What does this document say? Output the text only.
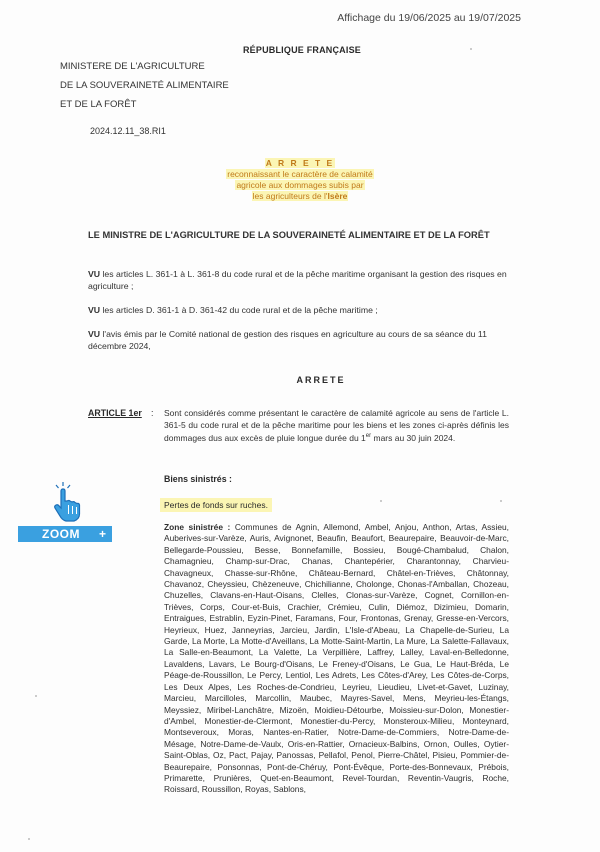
Affichage du 19/06/2025 au 19/07/2025
RÉPUBLIQUE FRANÇAISE
MINISTERE DE L'AGRICULTURE
DE LA SOUVERAINETÉ ALIMENTAIRE
ET DE LA FORÊT
2024.12.11_38.RI1
A R R E T E
reconnaissant le caractère de calamité
agricole aux dommages subis par
les agriculteurs de l'Isère
LE MINISTRE DE L'AGRICULTURE DE LA SOUVERAINETÉ ALIMENTAIRE ET DE LA FORÊT
VU les articles L. 361-1 à L. 361-8 du code rural et de la pêche maritime organisant la gestion des risques en agriculture ;
VU les articles D. 361-1 à D. 361-42 du code rural et de la pêche maritime ;
VU l'avis émis par le Comité national de gestion des risques en agriculture au cours de sa séance du 11 décembre 2024,
ARRETE
ARTICLE 1er : Sont considérés comme présentant le caractère de calamité agricole au sens de l'article L. 361-5 du code rural et de la pêche maritime pour les biens et les zones ci-après définis les dommages dus aux excès de pluie longue durée du 1er mars au 30 juin 2024.
Biens sinistrés :
Pertes de fonds sur ruches.
Zone sinistrée : Communes de Agnin, Allemond, Ambel, Anjou, Anthon, Artas, Assieu, Auberives-sur-Varèze, Auris, Avignonet, Beaufin, Beaufort, Beaurepaire, Beauvoir-de-Marc, Bellegarde-Poussieu, Besse, Bonnefamille, Bossieu, Bougé-Chambalud, Chalon, Chamagnieu, Champ-sur-Drac, Chanas, Chantepérier, Charantonnay, Charvieu-Chavagneux, Chasse-sur-Rhône, Château-Bernard, Châtel-en-Trièves, Châtonnay, Chavanoz, Cheyssieu, Chèzeneuve, Chichilianne, Cholonge, Chonas-l'Amballan, Chozeau, Chuzelles, Clavans-en-Haut-Oisans, Clelles, Clonas-sur-Varèze, Cognet, Cornillon-en-Trièves, Corps, Cour-et-Buis, Crachier, Crémieu, Culin, Diémoz, Dizimieu, Domarin, Entraigues, Estrablin, Eyzin-Pinet, Faramans, Four, Frontonas, Grenay, Gresse-en-Vercors, Heyrieux, Huez, Janneyrias, Jarcieu, Jardin, L'Isle-d'Abeau, La Chapelle-de-Surieu, La Garde, La Morte, La Motte-d'Aveillans, La Motte-Saint-Martin, La Mure, La Salette-Fallavaux, La Salle-en-Beaumont, La Valette, La Verpillière, Laffrey, Lalley, Laval-en-Belledonne, Lavaldens, Lavars, Le Bourg-d'Oisans, Le Freney-d'Oisans, Le Gua, Le Haut-Bréda, Le Péage-de-Roussillon, Le Percy, Lentiol, Les Adrets, Les Côtes-d'Arey, Les Côtes-de-Corps, Les Deux Alpes, Les Roches-de-Condrieu, Leyrieu, Lieudieu, Livet-et-Gavet, Luzinay, Marcieu, Marcilloles, Marcollin, Maubec, Mayres-Savel, Mens, Meyrieu-les-Étangs, Meyssiez, Miribel-Lanchâtre, Mizoën, Moidieu-Détourbe, Moissieu-sur-Dolon, Monestier-d'Ambel, Monestier-de-Clermont, Monestier-du-Percy, Monsteroux-Milieu, Monteynard, Montseveroux, Moras, Nantes-en-Ratier, Notre-Dame-de-Commiers, Notre-Dame-de-Mésage, Notre-Dame-de-Vaulx, Oris-en-Rattier, Ornacieux-Balbins, Ornon, Oulles, Oytier-Saint-Oblas, Oz, Pact, Pajay, Panossas, Pellafol, Penol, Pierre-Châtel, Pisieu, Pommier-de-Beaurepaire, Ponsonnas, Pont-de-Chéruy, Pont-Évêque, Porte-des-Bonnevaux, Prébois, Primarette, Prunières, Quet-en-Beaumont, Revel-Tourdan, Reventin-Vaugris, Roche, Roissard, Roussillon, Royas, Sablons,
ZOOM +
